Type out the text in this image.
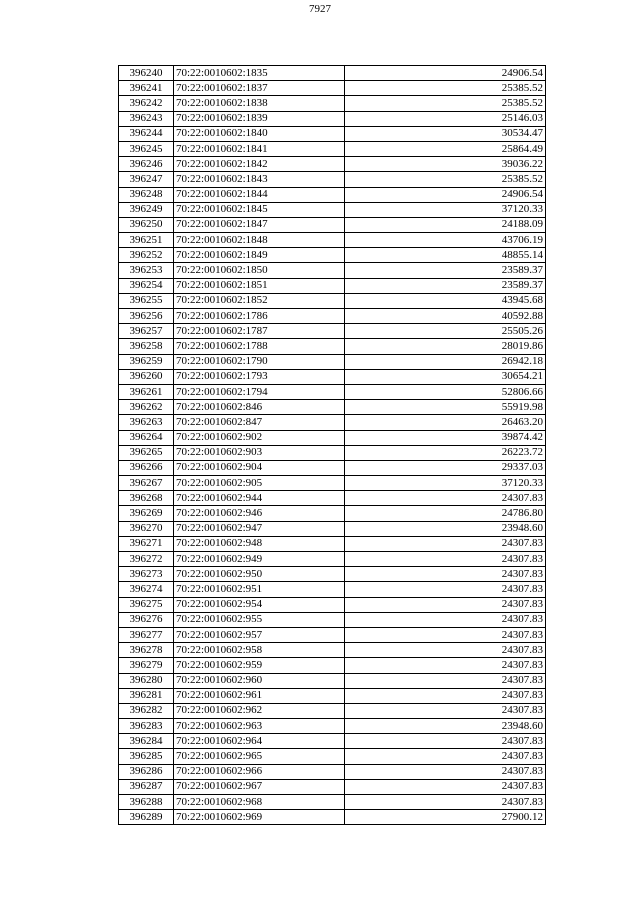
7927
396240	70:22:0010602:1835	24906.54
396241	70:22:0010602:1837	25385.52
396242	70:22:0010602:1838	25385.52
396243	70:22:0010602:1839	25146.03
396244	70:22:0010602:1840	30534.47
396245	70:22:0010602:1841	25864.49
396246	70:22:0010602:1842	39036.22
396247	70:22:0010602:1843	25385.52
396248	70:22:0010602:1844	24906.54
396249	70:22:0010602:1845	37120.33
396250	70:22:0010602:1847	24188.09
396251	70:22:0010602:1848	43706.19
396252	70:22:0010602:1849	48855.14
396253	70:22:0010602:1850	23589.37
396254	70:22:0010602:1851	23589.37
396255	70:22:0010602:1852	43945.68
396256	70:22:0010602:1786	40592.88
396257	70:22:0010602:1787	25505.26
396258	70:22:0010602:1788	28019.86
396259	70:22:0010602:1790	26942.18
396260	70:22:0010602:1793	30654.21
396261	70:22:0010602:1794	52806.66
396262	70:22:0010602:846	55919.98
396263	70:22:0010602:847	26463.20
396264	70:22:0010602:902	39874.42
396265	70:22:0010602:903	26223.72
396266	70:22:0010602:904	29337.03
396267	70:22:0010602:905	37120.33
396268	70:22:0010602:944	24307.83
396269	70:22:0010602:946	24786.80
396270	70:22:0010602:947	23948.60
396271	70:22:0010602:948	24307.83
396272	70:22:0010602:949	24307.83
396273	70:22:0010602:950	24307.83
396274	70:22:0010602:951	24307.83
396275	70:22:0010602:954	24307.83
396276	70:22:0010602:955	24307.83
396277	70:22:0010602:957	24307.83
396278	70:22:0010602:958	24307.83
396279	70:22:0010602:959	24307.83
396280	70:22:0010602:960	24307.83
396281	70:22:0010602:961	24307.83
396282	70:22:0010602:962	24307.83
396283	70:22:0010602:963	23948.60
396284	70:22:0010602:964	24307.83
396285	70:22:0010602:965	24307.83
396286	70:22:0010602:966	24307.83
396287	70:22:0010602:967	24307.83
396288	70:22:0010602:968	24307.83
396289	70:22:0010602:969	27900.12
